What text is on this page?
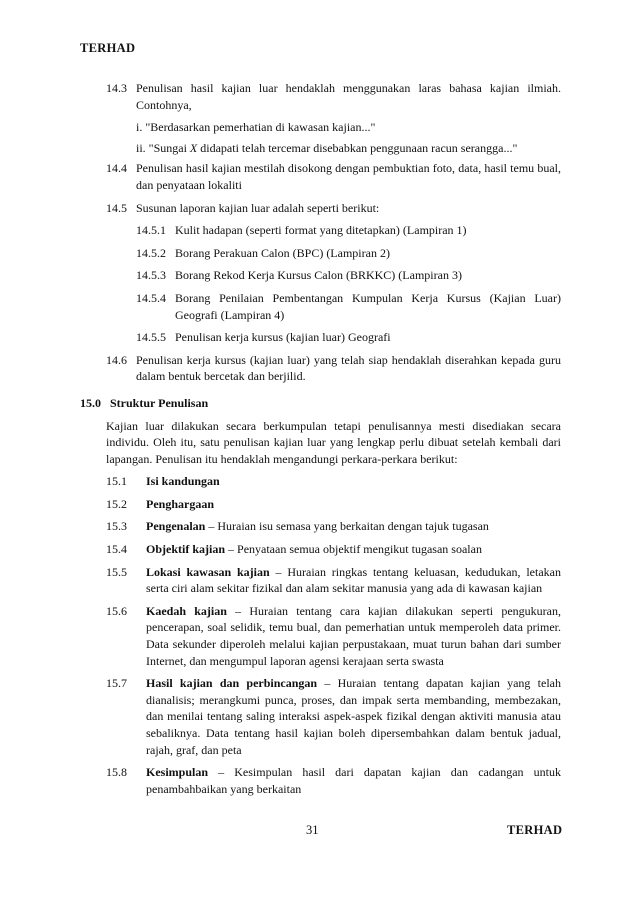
TERHAD
14.3 Penulisan hasil kajian luar hendaklah menggunakan laras bahasa kajian ilmiah. Contohnya,
i. "Berdasarkan pemerhatian di kawasan kajian..."
ii. "Sungai X didapati telah tercemar disebabkan penggunaan racun serangga..."
14.4 Penulisan hasil kajian mestilah disokong dengan pembuktian foto, data, hasil temu bual, dan penyataan lokaliti
14.5 Susunan laporan kajian luar adalah seperti berikut:
14.5.1 Kulit hadapan (seperti format yang ditetapkan) (Lampiran 1)
14.5.2 Borang Perakuan Calon (BPC) (Lampiran 2)
14.5.3 Borang Rekod Kerja Kursus Calon (BRKKC) (Lampiran 3)
14.5.4 Borang Penilaian Pembentangan Kumpulan Kerja Kursus (Kajian Luar) Geografi (Lampiran 4)
14.5.5 Penulisan kerja kursus (kajian luar) Geografi
14.6 Penulisan kerja kursus (kajian luar) yang telah siap hendaklah diserahkan kepada guru dalam bentuk bercetak dan berjilid.
15.0 Struktur Penulisan
Kajian luar dilakukan secara berkumpulan tetapi penulisannya mesti disediakan secara individu. Oleh itu, satu penulisan kajian luar yang lengkap perlu dibuat setelah kembali dari lapangan. Penulisan itu hendaklah mengandungi perkara-perkara berikut:
15.1	Isi kandungan
15.2	Penghargaan
15.3	Pengenalan – Huraian isu semasa yang berkaitan dengan tajuk tugasan
15.4	Objektif kajian – Penyataan semua objektif mengikut tugasan soalan
15.5	Lokasi kawasan kajian – Huraian ringkas tentang keluasan, kedudukan, letakan serta ciri alam sekitar fizikal dan alam sekitar manusia yang ada di kawasan kajian
15.6	Kaedah kajian – Huraian tentang cara kajian dilakukan seperti pengukuran, pencerapan, soal selidik, temu bual, dan pemerhatian untuk memperoleh data primer. Data sekunder diperoleh melalui kajian perpustakaan, muat turun bahan dari sumber Internet, dan mengumpul laporan agensi kerajaan serta swasta
15.7	Hasil kajian dan perbincangan – Huraian tentang dapatan kajian yang telah dianalisis; merangkumi punca, proses, dan impak serta membanding, membezakan, dan menilai tentang saling interaksi aspek-aspek fizikal dengan aktiviti manusia atau sebaliknya. Data tentang hasil kajian boleh dipersembahkan dalam bentuk jadual, rajah, graf, dan peta
15.8	Kesimpulan – Kesimpulan hasil dari dapatan kajian dan cadangan untuk penambahbaikan yang berkaitan
31	TERHAD
